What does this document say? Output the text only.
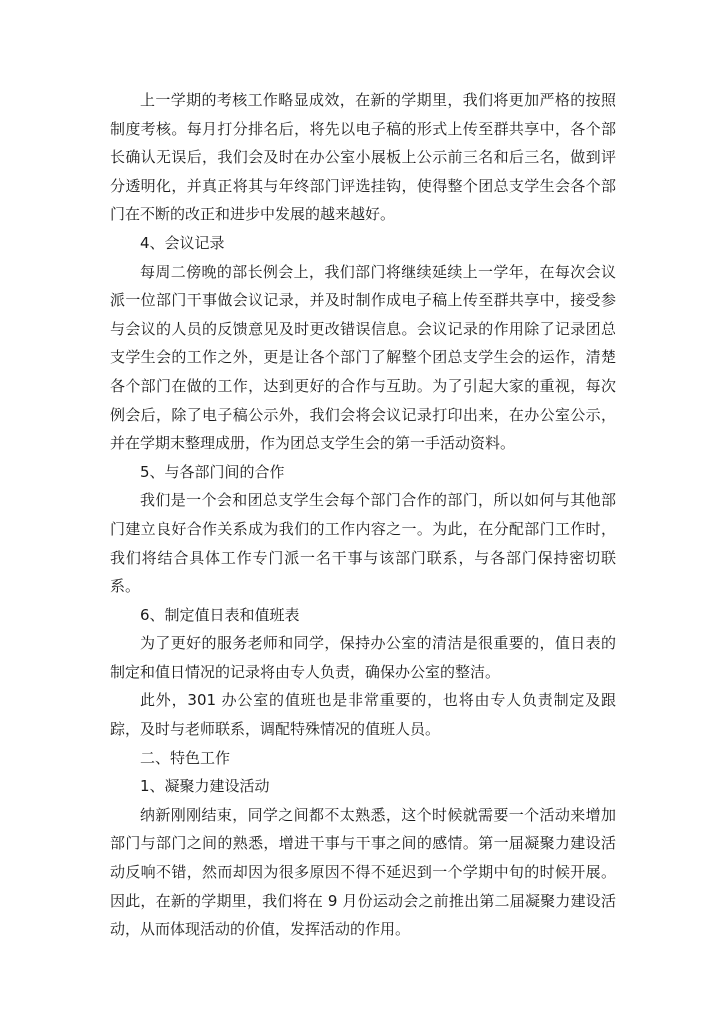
上一学期的考核工作略显成效，在新的学期里，我们将更加严格的按照制度考核。每月打分排名后，将先以电子稿的形式上传至群共享中，各个部长确认无误后，我们会及时在办公室小展板上公示前三名和后三名，做到评分透明化，并真正将其与年终部门评选挂钩，使得整个团总支学生会各个部门在不断的改正和进步中发展的越来越好。

4、会议记录

每周二傍晚的部长例会上，我们部门将继续延续上一学年，在每次会议派一位部门干事做会议记录，并及时制作成电子稿上传至群共享中，接受参与会议的人员的反馈意见及时更改错误信息。会议记录的作用除了记录团总支学生会的工作之外，更是让各个部门了解整个团总支学生会的运作，清楚各个部门在做的工作，达到更好的合作与互助。为了引起大家的重视，每次例会后，除了电子稿公示外，我们会将会议记录打印出来，在办公室公示，并在学期末整理成册，作为团总支学生会的第一手活动资料。

5、与各部门间的合作

我们是一个会和团总支学生会每个部门合作的部门，所以如何与其他部门建立良好合作关系成为我们的工作内容之一。为此，在分配部门工作时，我们将结合具体工作专门派一名干事与该部门联系，与各部门保持密切联系。

6、制定值日表和值班表

为了更好的服务老师和同学，保持办公室的清洁是很重要的，值日表的制定和值日情况的记录将由专人负责，确保办公室的整洁。

此外，301 办公室的值班也是非常重要的，也将由专人负责制定及跟踪，及时与老师联系，调配特殊情况的值班人员。

二、特色工作

1、凝聚力建设活动

纳新刚刚结束，同学之间都不太熟悉，这个时候就需要一个活动来增加部门与部门之间的熟悉，增进干事与干事之间的感情。第一届凝聚力建设活动反响不错，然而却因为很多原因不得不延迟到一个学期中旬的时候开展。因此，在新的学期里，我们将在 9 月份运动会之前推出第二届凝聚力建设活动，从而体现活动的价值，发挥活动的作用。
